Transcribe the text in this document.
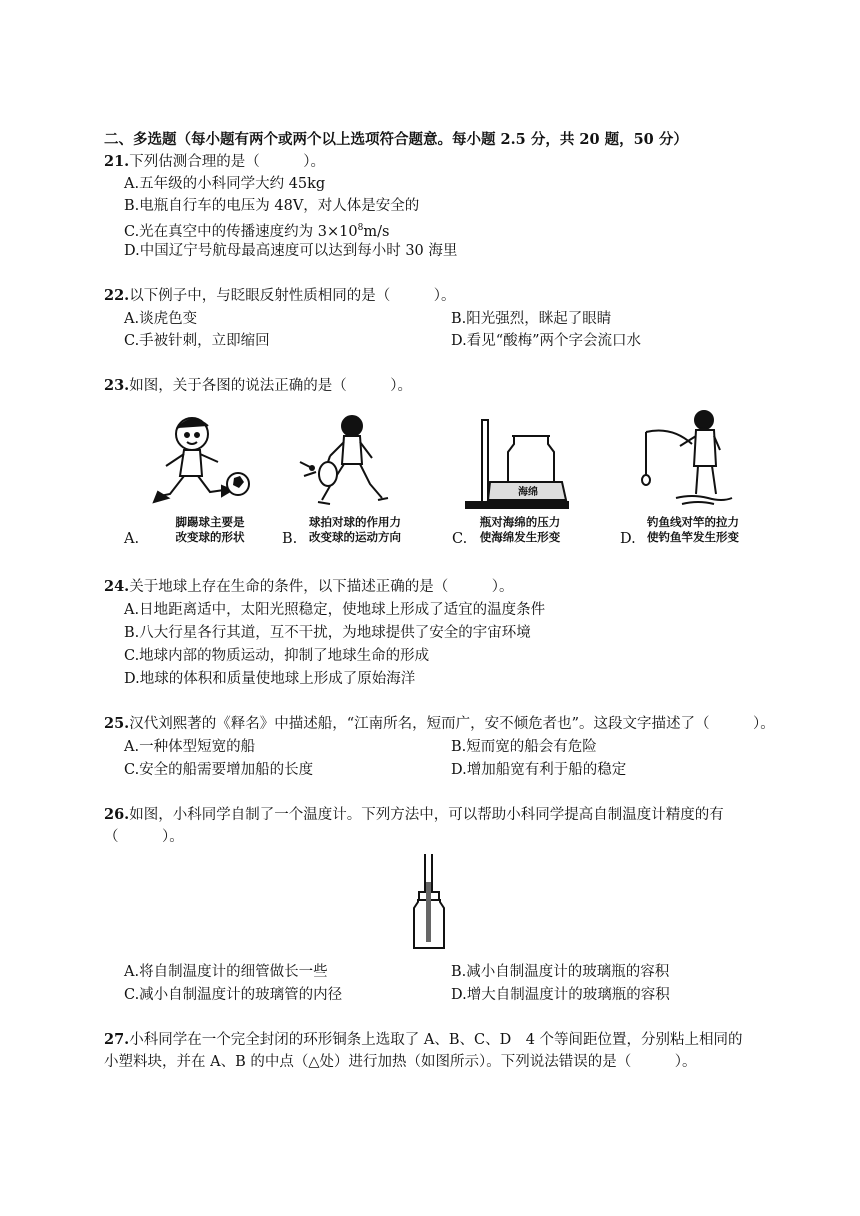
二、多选题（每小题有两个或两个以上选项符合题意。每小题 2.5 分，共 20 题，50 分）
21.下列估测合理的是（　　　）。
A.五年级的小科同学大约 45kg
B.电瓶自行车的电压为 48V，对人体是安全的
C.光在真空中的传播速度约为 $3\times 10^8m/s$
D.中国辽宁号航母最高速度可以达到每小时 30 海里
22.以下例子中，与眨眼反射性质相同的是（　　　）。
A.谈虎色变	B.阳光强烈，眯起了眼睛
C.手被针刺，立即缩回	D.看见“酸梅”两个字会流口水
23.如图，关于各图的说法正确的是（　　　）。
A.
脚踢球主要是
改变球的形状	B.
球拍对球的作用力
改变球的运动方向
海绵
C.
瓶对海绵的压力
使海绵发生形变	D.
钓鱼线对竿的拉力
使钓鱼竿发生形变
24.关于地球上存在生命的条件，以下描述正确的是（　　　）。
A.日地距离适中，太阳光照稳定，使地球上形成了适宜的温度条件
B.八大行星各行其道，互不干扰，为地球提供了安全的宇宙环境
C.地球内部的物质运动，抑制了地球生命的形成
D.地球的体积和质量使地球上形成了原始海洋
25.汉代刘熙著的《释名》中描述船，“江南所名，短而广，安不倾危者也”。这段文字描述了（　　　）。
A.一种体型短宽的船	B.短而宽的船会有危险
C.安全的船需要增加船的长度	D.增加船宽有利于船的稳定
26.如图，小科同学自制了一个温度计。下列方法中，可以帮助小科同学提高自制温度计精度的有
（　　　）。
A.将自制温度计的细管做长一些	B.减小自制温度计的玻璃瓶的容积
C.减小自制温度计的玻璃管的内径	D.增大自制温度计的玻璃瓶的容积
27.小科同学在一个完全封闭的环形铜条上选取了 A、B、C、D　4 个等间距位置，分别粘上相同的
小塑料块，并在 A、B 的中点（△处）进行加热（如图所示）。下列说法错误的是（　　　）。
